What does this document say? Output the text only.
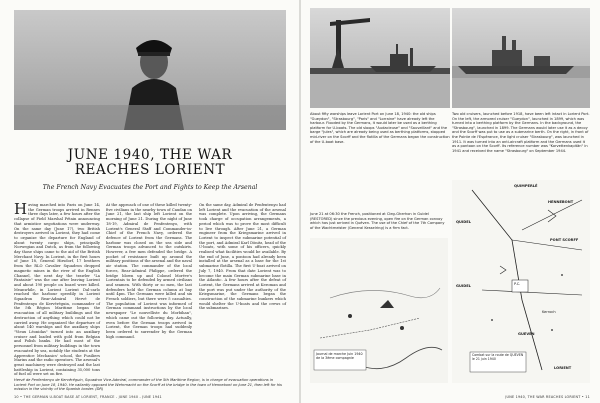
JUNE 1940, THE WAR
REACHES LORIENT
The French Navy Evacuates the Port and Fights to Keep the Arsenal
H aving marched into Paris on June 14, the German troops arrived in Rennes three days later, a few hours after the collapse of Field Marshal Pétain announcing that armistice negotiations were underway. On the same day (June 17), two British destroyers arrived in Lorient, they had come to organize the departure for England of about twenty cargo ships, principally Norwegian and Dutch, as from the following day those ships came to the aid of the British Merchant Navy. In Lorient, in the first hours of June 18, General Hirsdorf, 17 brothers from the RLO Cavalier Squadron dropped magnetic mines in the river of the English Channel, the next day the trawler "La Fantaisie" was the one after leaving Lorient and about 190 people on board were killed. Meanwhile, in Lorient Lorient Dal-carlo reached the harbour speedily in Lorient Squadron Rear-Admiral Hervé de Penfentenyo de Kervéréguin, commander of the 5th Région Maritime began the evacuation of all military buildings and the destruction of anything which could not be carried away. He organized the departure of about 140 warships and the auxiliary ships "Vieux Léonidas" turned into an auxiliary cruiser and loaded with gold from Belgian and Polish banks. He had most of the personnel from military buildings in the town evacuated by sea, notably the students at the Apprentice Mechanics' school, the Fusiliers Marins and the radio operators. The arsenal's great machinery were destroyed and the last battleship in Lorient, containing 35,000 tons of fuel oil were set on fire.
At the approach of one of these killed twenty-five civilians in the nearby town of Caudan on June 21, the last ship left Lorient on the morning of June 21. During the night of June 18-19, Admiral de Penfentenyo, with Lorient's General Staff and Commander-in-Chief of the French Navy, ordered the defence of Lorient from the Germans. The harbour was closed on the sea side and German troops advanced to the outskirts. However, a few men defended the bridge. A pocket of resistance built up around the military positions of the arsenal and the naval air station. The commander of the local forces, Rear-Admiral Philippe, ordered the bridge blown up and Colonel Moréve's Lorientais to be defended by armed civilians and seamen. With thirty or so men, the last defenders held the German column at bay until 4pm. The Germans were killed and six French soldiers, but there were 5 casualties. The population of Lorient was informed of German command instructions by the local newspaper "Le nouvelliste du Morbihan", which came out the following day. Actually, even before the German troops arrived in Lorient, the German troops had suddenly been ordered to surrender by the German high command.
On the same day, Admiral de Penfentenyo had left Lorient and the evacuation of the arsenal was complete. Upon arriving, the Germans took charge of occupation arrangements, a period which was to prove the most difficult to live through. After June 21, a German engineer from the Kriegsmarine arrived in Lorient to inspect the submarine potential of the port, and Admiral Karl Dönitz, head of the U-boats, with some of his officers, quickly realised what facilities would be available. By the end of June, a pontoon had already been installed at the arsenal as a base for the 1st submarine flotilla. The first U-boat arrived on July 7, 1940. From that date Lorient was to become the main German submarine base in the Atlantic. A few hours after the defeat of Lorient, the Germans arrived at Keroman and the port was put under the authority of the Kriegsmarine, the Germans began the construction of the submarine bunkers which would shelter the U-boats and the crews of the submarines.
Hervé de Penfentenyo de Kervéréguin, Squadron Vice-Admiral, commander of the 5th Maritime Region, is in charge of evacuation operations in Lorient Port on June 18, 1940. He valiantly opposed the Wehrmacht on the Scorff at the bridge in the town of Hennebont on June 21, then left for his mission in the vicinity of the Spanish border. (DR)
10 • THE GERMAN U-BOAT BASE AT LORIENT, FRANCE - JUNE 1940 - JUNE 1941
About fifty warships leave Lorient Port on June 18, 1940: the old ships "Gueydon", "Strasbourg", "Paris" and "Lorraine" have already left the harbour. Flooded by the Germans, it would later be used as a berthing platform for U-boats. The old sloops "Audacieuse" and "Sauveillant" and the barge "Jules", which are already being used as berthing platforms, stopped mid-river on the Scorff and the flotilla of the Germans began the construction of the U-boat base.
Two old cruisers, launched before 1918, have been left intact in Lorient Port. On the left, the armored cruiser "Gueydon", launched in 1899, which was turned into a berthing platform by the Germans. In the background, the "Strasbourg", launched in 1899. The Germans would later use it as a decoy and the Scorff was put to use as a submarine berth. On the right, in front of the Pointe de l'Espérance, the light cruiser "Strasbourg", was launched in 1911. It was turned into an anti-aircraft platform and the Germans used it as a pontoon on the Scorff. Its reference number was "Korvettenkapitän" in 1941 and received the name "Strasbourg" on September 1944.
June 21 at 06:30 the French, positioned at Cleg-Gherhon in Guidel (RESTORED) since the previous evening, open fire on the German convoy which has just arrived in Quéven. The use of the Chief of the 7th Company of the Wachtmeister (General Kesselring) is a firm fact.
Journal de marche Juin 1940 de la 3ème compagnie
QUIMPERLÉ
QUIDEL
PONT SCORFF
GUIDEL	P.C.
Kerroch
GUEVEN
LORIENT
HENNEBONT
Combat sur la route de QUEVEN le 21 juin 1940
JUNE 1940, THE WAR REACHES LORIENT • 11
